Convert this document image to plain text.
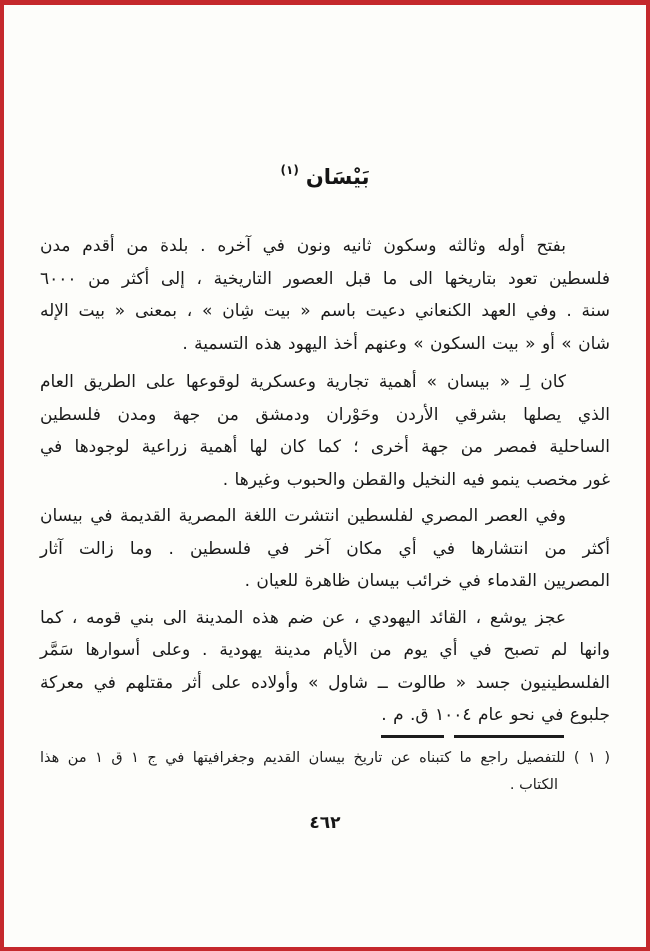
بَيْسَان$^{(١)}$
بفتح أوله وثالثه وسكون ثانيه ونون في آخره . بلدة من أقدم مدن
فلسطين تعود بتاريخها الى ما قبل العصور التاريخية ، إلى أكثر من ٦٠٠٠
سنة . وفي العهد الكنعاني دعيت باسم « بيت شِان » ، بمعنى « بيت الإله
شان » أو « بيت السكون » وعنهم أخذ اليهود هذه التسمية .
كان لِـ « بيسان » أهمية تجارية وعسكرية لوقوعها على الطريق العام
الذي يصلها بشرقي الأردن وحَوْران ودمشق من جهة ومدن فلسطين
الساحلية فمصر من جهة أخرى ؛ كما كان لها أهمية زراعية لوجودها في
غور مخصب ينمو فيه النخيل والقطن والحبوب وغيرها .
وفي العصر المصري لفلسطين انتشرت اللغة المصرية القديمة في بيسان
أكثر من انتشارها في أي مكان آخر في فلسطين . وما زالت آثار
المصريين القدماء في خرائب بيسان ظاهرة للعيان .
عجز يوشع ، القائد اليهودي ، عن ضم هذه المدينة الى بني قومه ، كما
وانها لم تصبح في أي يوم من الأيام مدينة يهودية . وعلى أسوارها سَمَّر
الفلسطينيون جسد « طالوت ــ شاول » وأولاده على أثر مقتلهم في معركة
جلبوع في نحو عام ١٠٠٤ ق. م .
( ١ ) للتفصيل راجع ما كتبناه عن تاريخ بيسان القديم وجغرافيتها في ج ١ ق ١ من هذا
الكتاب .
٤٦٢
